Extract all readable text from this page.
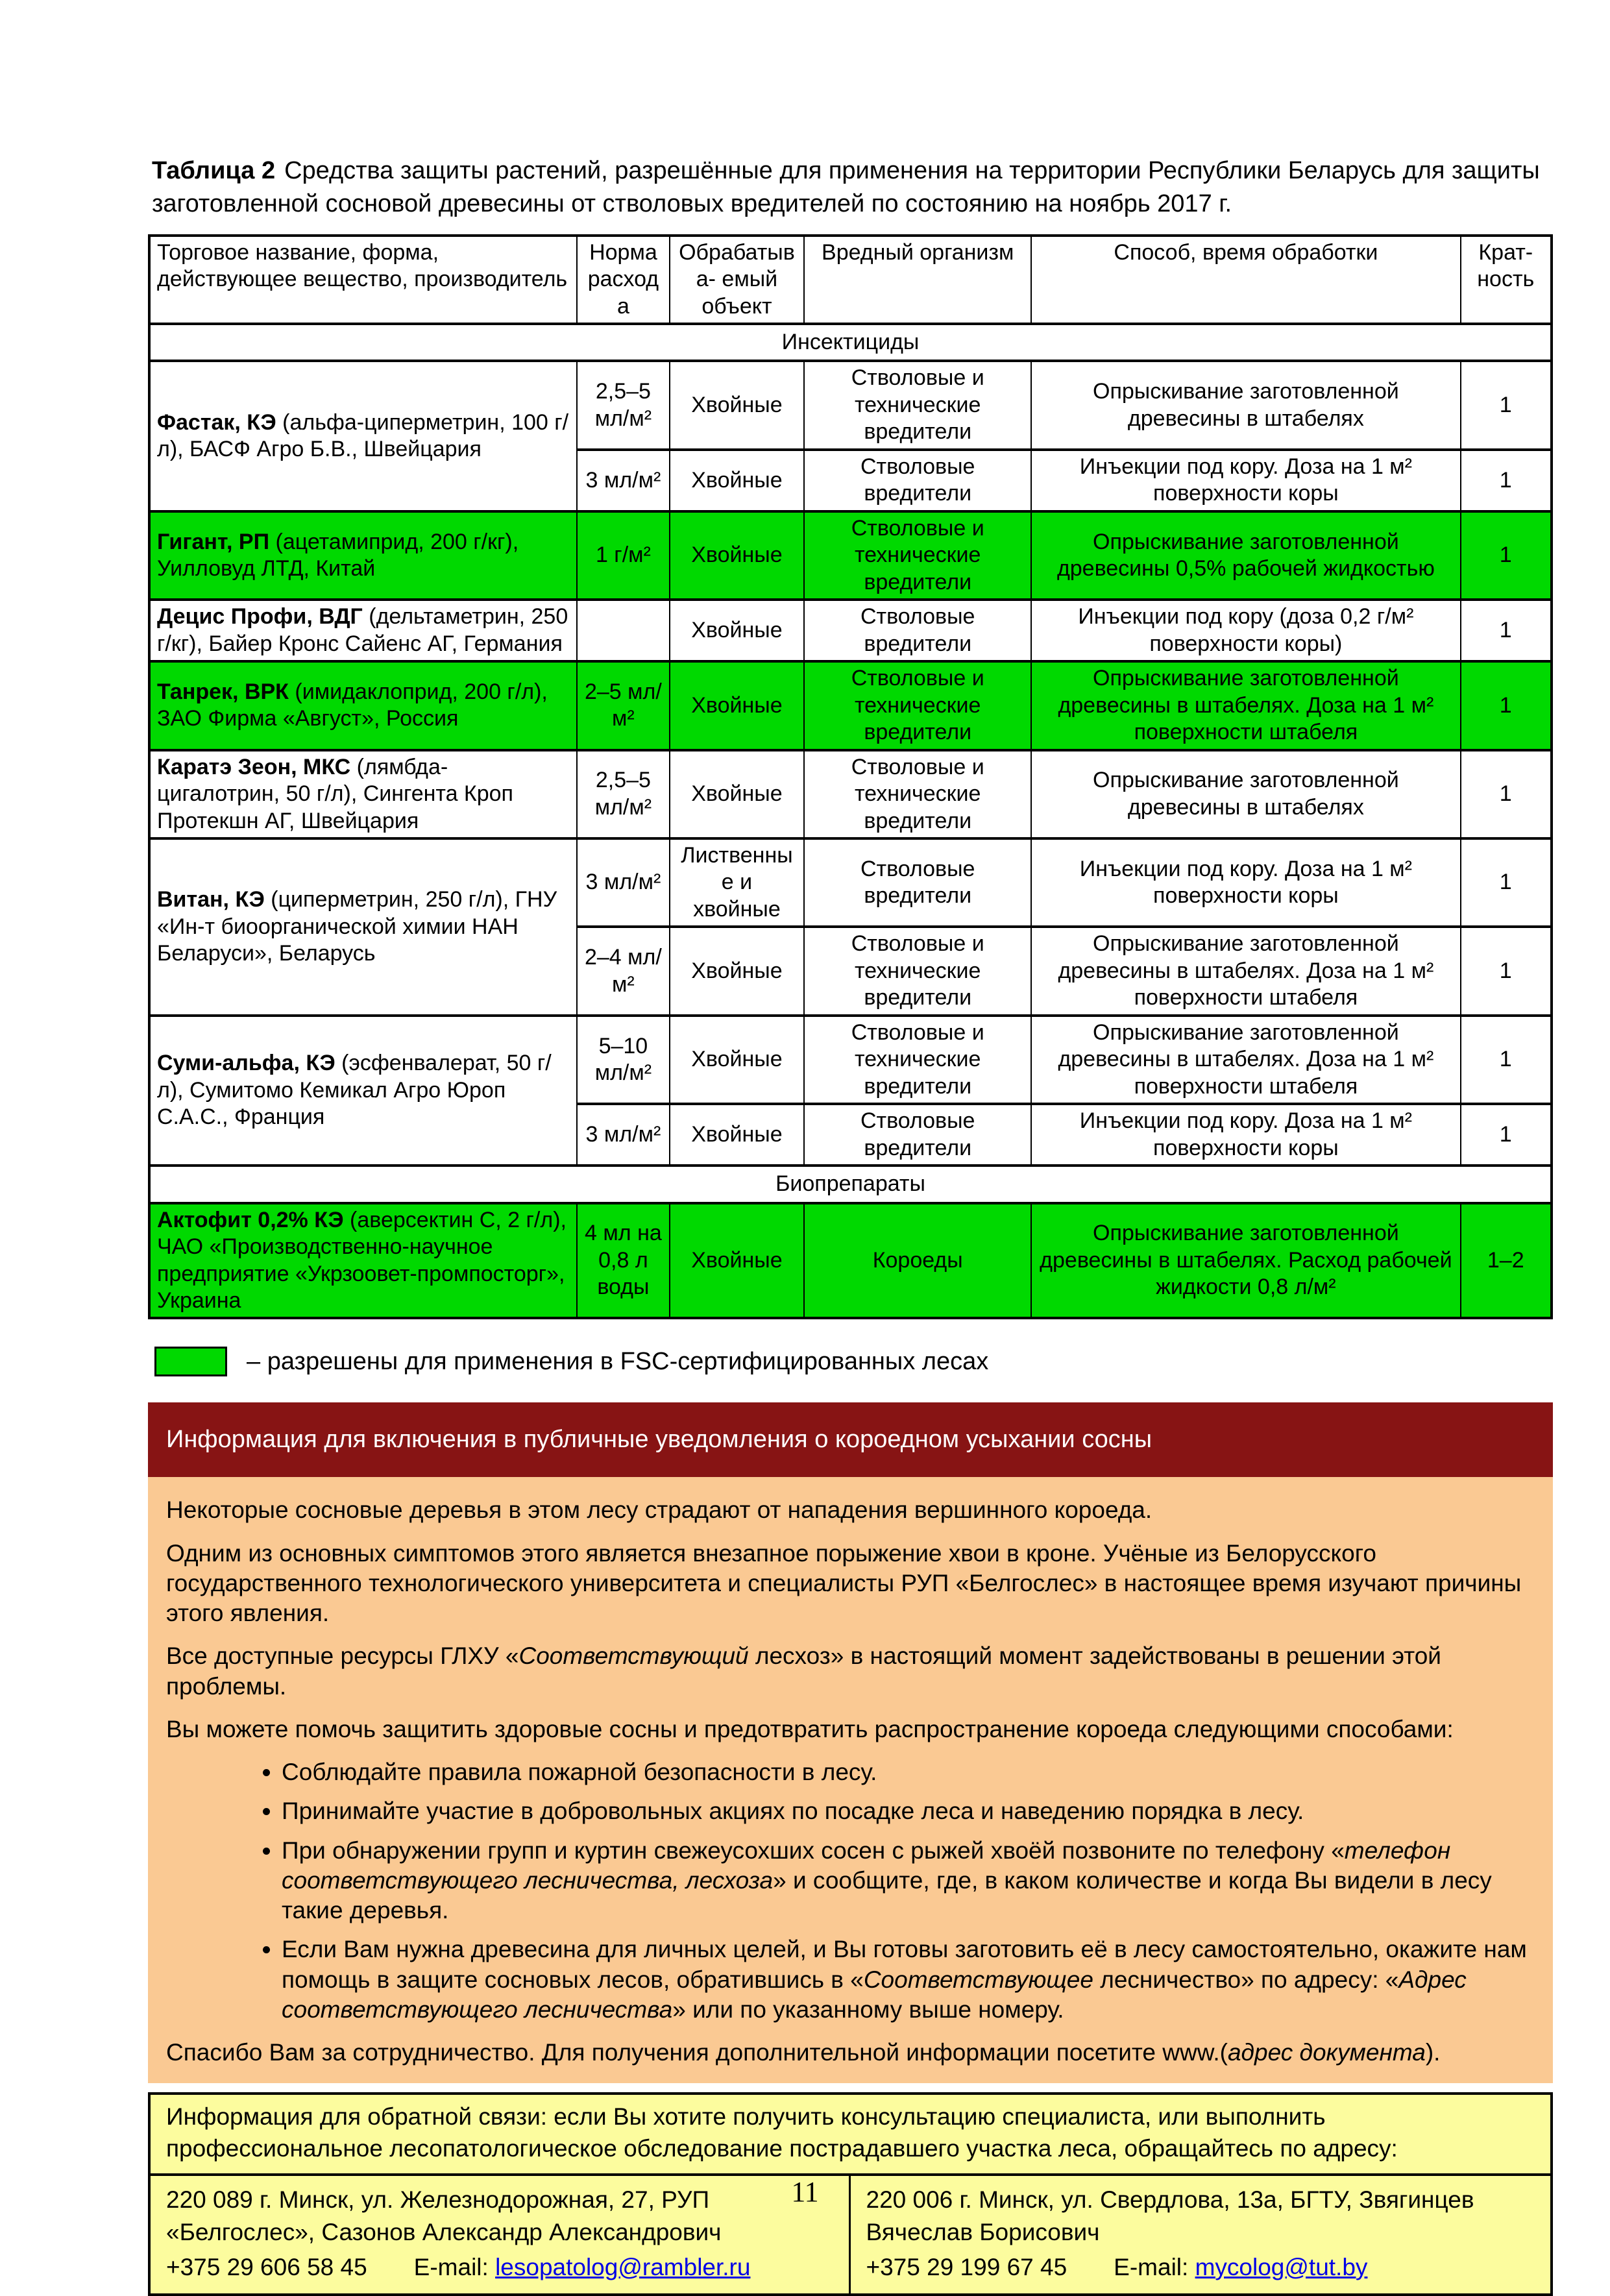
Таблица 2 Средства защиты растений, разрешённые для применения на территории Республики Беларусь для защиты заготовленной сосновой древесины от стволовых вредителей по состоянию на ноябрь 2017 г.

Торговое название, форма, действующее вещество, производитель	Норма расхода	Обрабатыва- емый объект	Вредный организм	Способ, время обработки	Крат- ность
Инсектициды					
Фастак, КЭ (альфа-циперметрин, 100 г/л), БАСФ Агро Б.В., Швейцария	2,5–5 мл/м²	Хвойные	Стволовые и технические вредители	Опрыскивание заготовленной древесины в штабелях	1
	3 мл/м²	Хвойные	Стволовые вредители	Инъекции под кору. Доза на 1 м² поверхности коры	1
Гигант, РП (ацетамиприд, 200 г/кг), Уилловуд ЛТД, Китай	1 г/м²	Хвойные	Стволовые и технические вредители	Опрыскивание заготовленной древесины 0,5% рабочей жидкостью	1
Децис Профи, ВДГ (дельтаметрин, 250 г/кг), Байер Кронс Сайенс АГ, Германия		Хвойные	Стволовые вредители	Инъекции под кору (доза 0,2 г/м² поверхности коры)	1
Танрек, ВРК (имидаклоприд, 200 г/л), ЗАО Фирма «Август», Россия	2–5 мл/м²	Хвойные	Стволовые и технические вредители	Опрыскивание заготовленной древесины в штабелях. Доза на 1 м² поверхности штабеля	1
Каратэ Зеон, МКС (лямбда-цигалотрин, 50 г/л), Сингента Кроп Протекшн АГ, Швейцария	2,5–5 мл/м²	Хвойные	Стволовые и технические вредители	Опрыскивание заготовленной древесины в штабелях	1
Витан, КЭ (циперметрин, 250 г/л), ГНУ «Ин-т биоорганической химии НАН Беларуси», Беларусь	3 мл/м²	Лиственные и хвойные	Стволовые вредители	Инъекции под кору. Доза на 1 м² поверхности коры	1
	2–4 мл/м²	Хвойные	Стволовые и технические вредители	Опрыскивание заготовленной древесины в штабелях. Доза на 1 м² поверхности штабеля	1
Суми-альфа, КЭ (эсфенвалерат, 50 г/л), Сумитомо Кемикал Агро Юроп С.А.С., Франция	5–10 мл/м²	Хвойные	Стволовые и технические вредители	Опрыскивание заготовленной древесины в штабелях. Доза на 1 м² поверхности штабеля	1
	3 мл/м²	Хвойные	Стволовые вредители	Инъекции под кору. Доза на 1 м² поверхности коры	1
Биопрепараты					
Актофит 0,2% КЭ (аверсектин С, 2 г/л), ЧАО «Производственно-научное предприятие «Укрзоовет-промпосторг», Украина	4 мл на 0,8 л воды	Хвойные	Короеды	Опрыскивание заготовленной древесины в штабелях. Расход рабочей жидкости 0,8 л/м²	1–2
– разрешены для применения в FSC-сертифицированных лесах
Информация для включения в публичные уведомления о короедном усыхании сосны

Некоторые сосновые деревья в этом лесу страдают от нападения вершинного короеда.

Одним из основных симптомов этого является внезапное порыжение хвои в кроне. Учёные из Белорусского государственного технологического университета и специалисты РУП «Белгослес» в настоящее время изучают причины этого явления.

Все доступные ресурсы ГЛХУ «Соответствующий лесхоз» в настоящий момент задействованы в решении этой проблемы.

Вы можете помочь защитить здоровые сосны и предотвратить распространение короеда следующими способами:

• Соблюдайте правила пожарной безопасности в лесу.
• Принимайте участие в добровольных акциях по посадке леса и наведению порядка в лесу.
• При обнаружении групп и куртин свежеусохших сосен с рыжей хвоёй позвоните по телефону «телефон соответствующего лесничества, лесхоза» и сообщите, где, в каком количестве и когда Вы видели в лесу такие деревья.
• Если Вам нужна древесина для личных целей, и Вы готовы заготовить её в лесу самостоятельно, окажите нам помощь в защите сосновых лесов, обратившись в «Соответствующее лесничество» по адресу: «Адрес соответствующего лесничества» или по указанному выше номеру.

Спасибо Вам за сотрудничество. Для получения дополнительной информации посетите www.(адрес документа).

Информация для обратной связи: если Вы хотите получить консультацию специалиста, или выполнить профессиональное лесопатологическое обследование пострадавшего участка леса, обращайтесь по адресу:
220 089 г. Минск, ул. Железнодорожная, 27, РУП «Белгослес», Сазонов Александр Александрович
+375 29 606 58 45 E-mail:
lesopatolog@rambler.ru
220 006 г. Минск, ул. Свердлова, 13а, БГТУ, Звягинцев Вячеслав Борисович
+375 29 199 67 45 E-mail:
mycolog@tut.by
11
